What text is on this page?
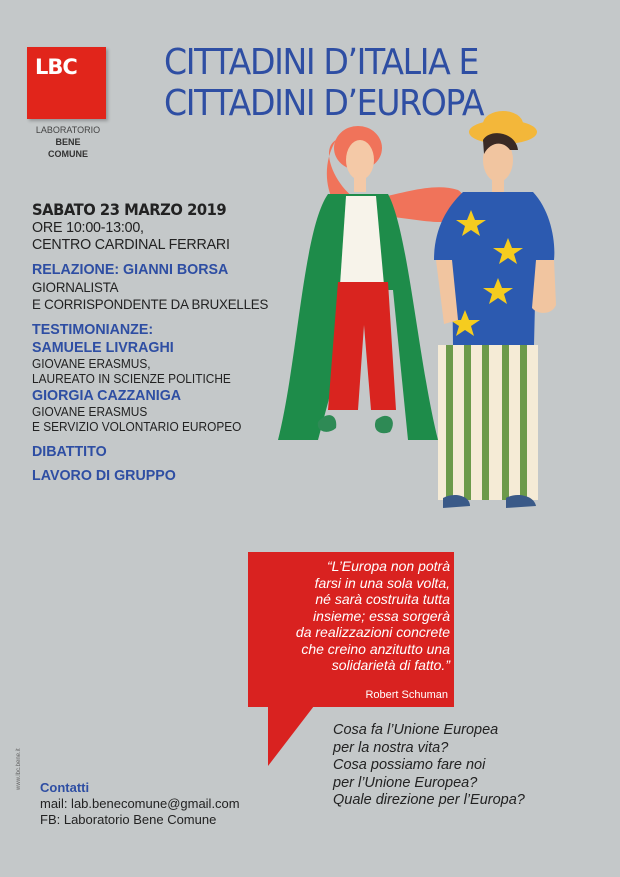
LBC
LABORATORIO
BENE
COMUNE
CITTADINI D’ITALIA E
CITTADINI D’EUROPA

SABATO 23 MARZO 2019

ORE 10:00-13:00,

CENTRO CARDINAL FERRARI

RELAZIONE: GIANNI BORSA

GIORNALISTA

E CORRISPONDENTE DA BRUXELLES

TESTIMONIANZE:

SAMUELE LIVRAGHI

GIOVANE ERASMUS,

LAUREATO IN SCIENZE POLITICHE

GIORGIA CAZZANIGA

GIOVANE ERASMUS

E SERVIZIO VOLONTARIO EUROPEO

DIBATTITO

LAVORO DI GRUPPO

Robert Schuman

“L’Europa non potrà

farsi in una sola volta,

né sarà costruita tutta

insieme; essa sorgerà

da realizzazioni concrete

che creino anzitutto una

solidarietà di fatto.”

Cosa fa l’Unione Europea

per la nostra vita?

Cosa possiamo fare noi

per l’Unione Europea?

Quale direzione per l’Europa?

Contatti

mail: lab.benecomune@gmail.com

FB: Laboratorio Bene Comune

www.lbc.bene.it
